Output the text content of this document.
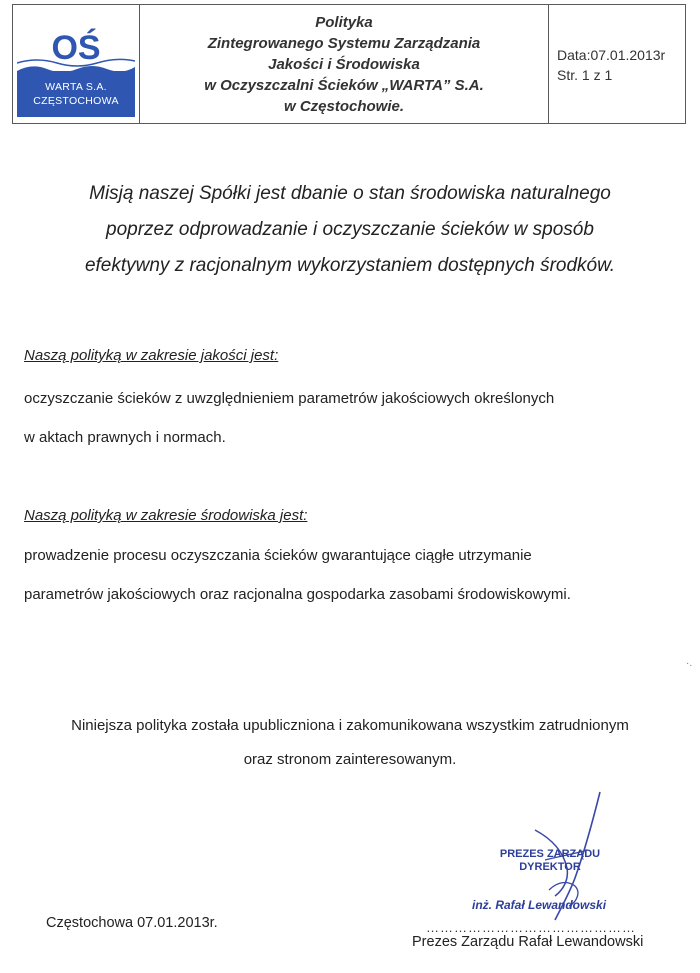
OŚ
WARTA S.A.
CZĘSTOCHOWA
Polityka
Zintegrowanego Systemu Zarządzania
Jakości i Środowiska
w Oczyszczalni Ścieków „WARTA” S.A.
w Częstochowie.
Data:07.01.2013r
Str. 1 z 1
Misją naszej Spółki jest dbanie o stan środowiska naturalnego
poprzez odprowadzanie i oczyszczanie ścieków w sposób
efektywny z racjonalnym wykorzystaniem dostępnych środków.
Naszą polityką w zakresie jakości jest:
oczyszczanie ścieków z uwzględnieniem parametrów jakościowych określonych
w aktach prawnych i normach.
Naszą polityką w zakresie środowiska jest:
prowadzenie procesu oczyszczania ścieków gwarantujące ciągłe utrzymanie
parametrów jakościowych oraz racjonalna gospodarka zasobami środowiskowymi.
Niniejsza polityka została upubliczniona i zakomunikowana wszystkim zatrudnionym
oraz stronom zainteresowanym.
·.
Częstochowa 07.01.2013r.
PREZES ZARZĄDU
DYREKTOR
inż. Rafał Lewandowski
………………………………………
Prezes Zarządu Rafał Lewandowski
